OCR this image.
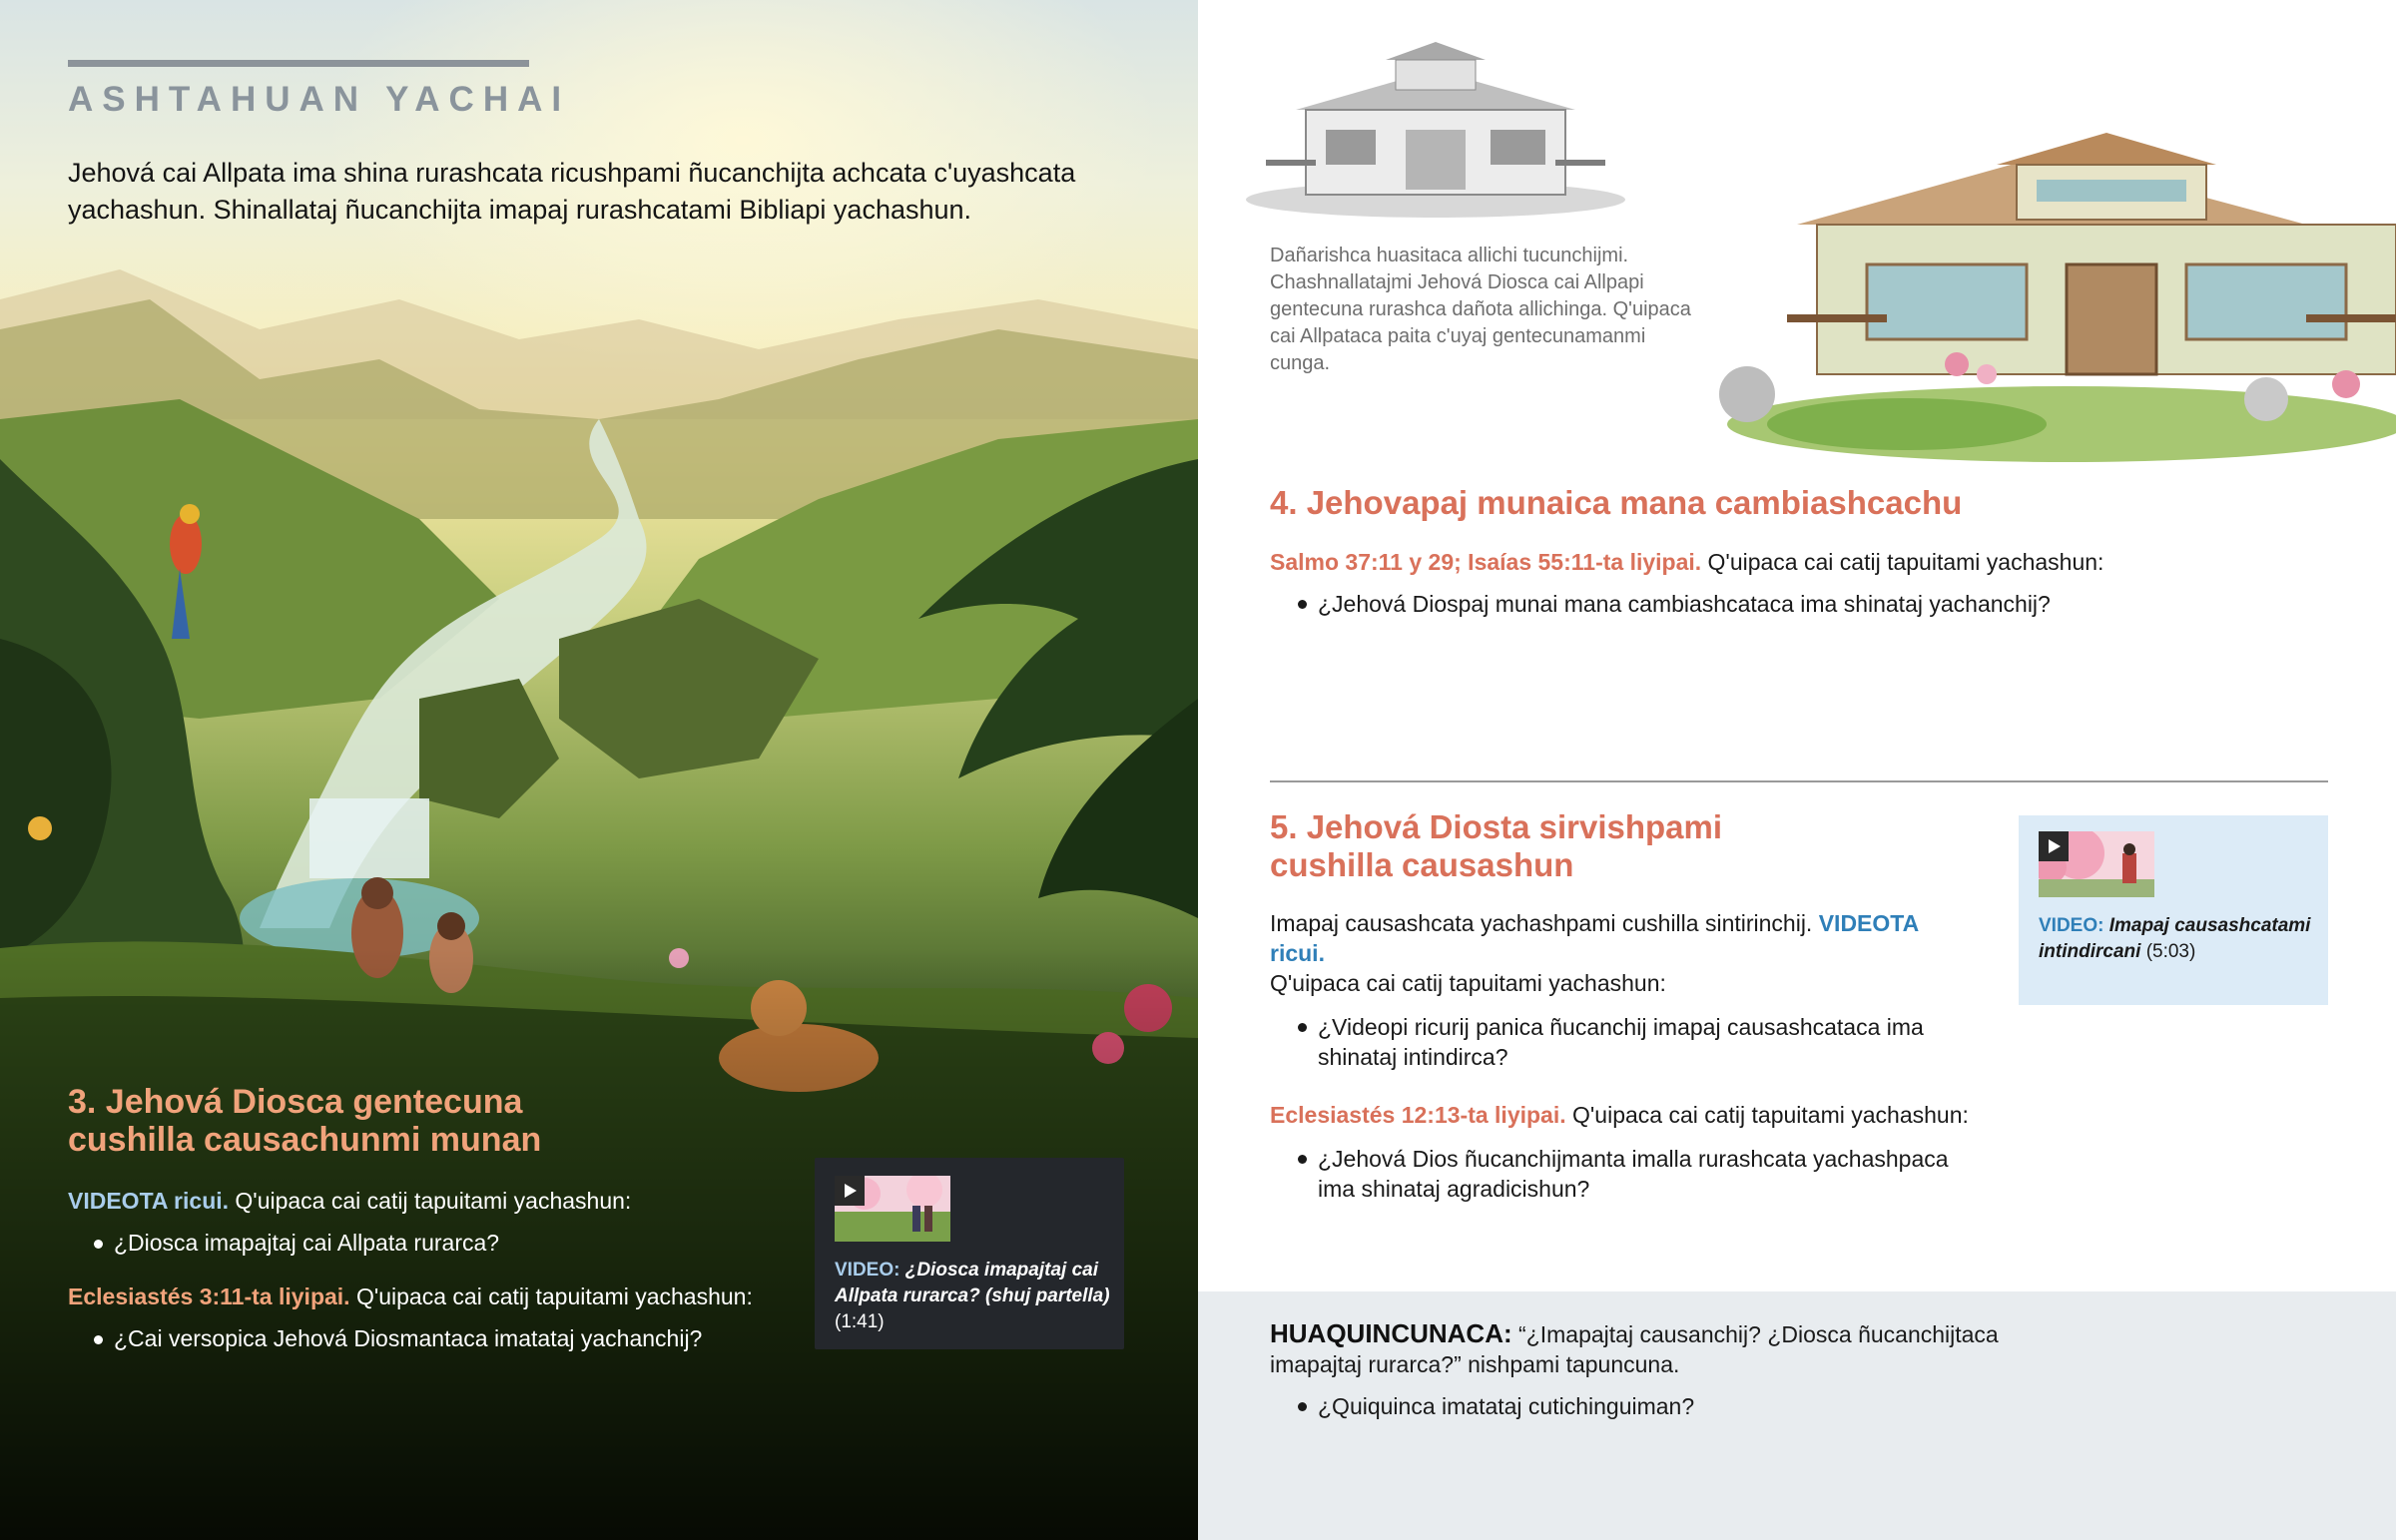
ASHTAHUAN YACHAI

Jehová cai Allpata ima shina rurashcata ricushpami ñucanchijta achcata c'uyashcata yachashun. Shinallataj ñucanchijta imapaj rurashcatami Bibliapi yachashun.

3. Jehová Diosca gentecuna
cushilla causachunmi munan
VIDEOTA ricui. Q'uipaca cai catij tapuitami yachashun:
¿Diosca imapajtaj cai Allpata rurarca?
Eclesiastés 3:11-ta liyipai. Q'uipaca cai catij tapuitami yachashun:
¿Cai versopica Jehová Diosmantaca imatataj yachanchij?
VIDEO: ¿Diosca imapajtaj cai Allpata rurarca? (shuj partella) (1:41)

Dañarishca huasitaca allichi tucunchijmi. Chashnallatajmi Jehová Diosca cai Allpapi gentecuna rurashca dañota allichinga. Q'uipaca cai Allpataca paita c'uyaj gentecunamanmi cunga.

4. Jehovapaj munaica mana cambiashcachu
Salmo 37:11 y 29; Isaías 55:11-ta liyipai. Q'uipaca cai catij tapuitami yachashun:
¿Jehová Diospaj munai mana cambiashcataca ima shinataj yachanchij?
5. Jehová Diosta sirvishpami
cushilla causashun
Imapaj causashcata yachashpami cushilla sintirinchij. VIDEOTA ricui.
Q'uipaca cai catij tapuitami yachashun:
¿Videopi ricurij panica ñucanchij imapaj causashcataca ima shinataj intindirca?
Eclesiastés 12:13-ta liyipai. Q'uipaca cai catij tapuitami yachashun:
¿Jehová Dios ñucanchijmanta imalla rurashcata yachashpaca ima shinataj agradicishun?
VIDEO: Imapaj causashcatami intindircani (5:03)
HUAQUINCUNACA: “¿Imapajtaj causanchij? ¿Diosca ñucanchijtaca imapajtaj rurarca?” nishpami tapuncuna.
¿Quiquinca imatataj cutichinguiman?
